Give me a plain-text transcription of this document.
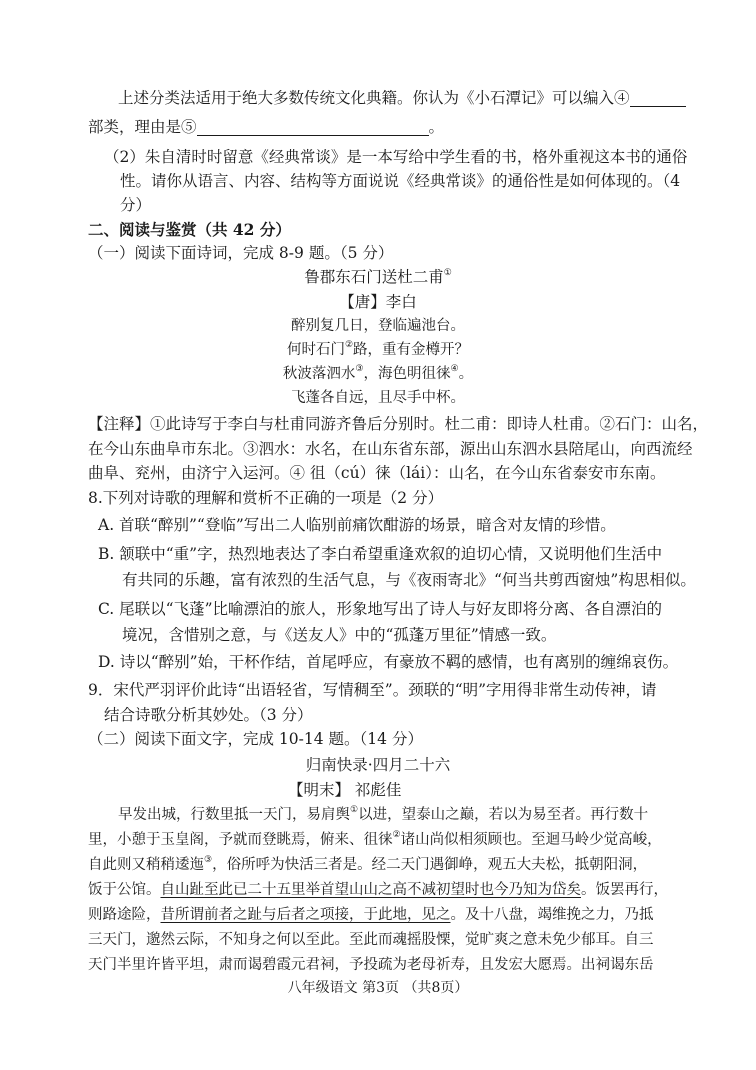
上述分类法适用于绝大多数传统文化典籍。你认为《小石潭记》可以编入④
部类，理由是⑤	。
（2）朱自清时时留意《经典常谈》是一本写给中学生看的书，格外重视这本书的通俗
性。请你从语言、内容、结构等方面说说《经典常谈》的通俗性是如何体现的。（4
分）
二、阅读与鉴赏（共 42 分）
（一）阅读下面诗词，完成 8-9 题。（5 分）
鲁郡东石门送杜二甫①
【唐】李白
醉别复几日，登临遍池台。
何时石门②路，重有金樽开？
秋波落泗水③，海色明徂徕④。
飞蓬各自远，且尽手中杯。
【注释】①此诗写于李白与杜甫同游齐鲁后分别时。杜二甫：即诗人杜甫。②石门：山名，
在今山东曲阜市东北。③泗水：水名，在山东省东部，源出山东泗水县陪尾山，向西流经
曲阜、兖州，由济宁入运河。④ 徂（cú）徕（lái）：山名，在今山东省泰安市东南。
8.下列对诗歌的理解和赏析不正确的一项是（2 分）
A. 首联“醉别”“登临”写出二人临别前痛饮酣游的场景，暗含对友情的珍惜。
B. 颔联中“重”字，热烈地表达了李白希望重逢欢叙的迫切心情，又说明他们生活中
有共同的乐趣，富有浓烈的生活气息，与《夜雨寄北》“何当共剪西窗烛”构思相似。
C. 尾联以“飞蓬”比喻漂泊的旅人，形象地写出了诗人与好友即将分离、各自漂泊的
境况，含惜别之意，与《送友人》中的“孤蓬万里征”情感一致。
D. 诗以“醉别”始，干杯作结，首尾呼应，有豪放不羁的感情，也有离别的缠绵哀伤。
9．宋代严羽评价此诗“出语轻省，写情稠至”。颈联的“明”字用得非常生动传神，请
结合诗歌分析其妙处。（3 分）
（二）阅读下面文字，完成 10-14 题。（14 分）
归南快录·四月二十六
【明末】 祁彪佳
早发出城，行数里抵一天门，易肩舆①以进，望泰山之巅，若以为易至者。再行数十
里，小憩于玉皇阁，予就而登眺焉，俯来、徂徕②诸山尚似相须顾也。至迴马岭少觉高峻，
自此则又稍稍逶迤③，俗所呼为快活三者是。经二天门遇御峥，观五大夫松，抵朝阳洞，
饭于公馆。自山趾至此已二十五里举首望山山之高不减初望时也今乃知为岱矣。饭罢再行，
则路途险，昔所谓前者之趾与后者之项接，于此地，见之。及十八盘，竭维挽之力，乃抵
三天门，邈然云际，不知身之何以至此。至此而魂摇股慄，觉旷爽之意未免少郁耳。自三
天门半里许皆平坦，肃而谒碧霞元君祠，予投疏为老母祈寿，且发宏大愿焉。出祠谒东岳
八年级语文 第3页 （共8页）
